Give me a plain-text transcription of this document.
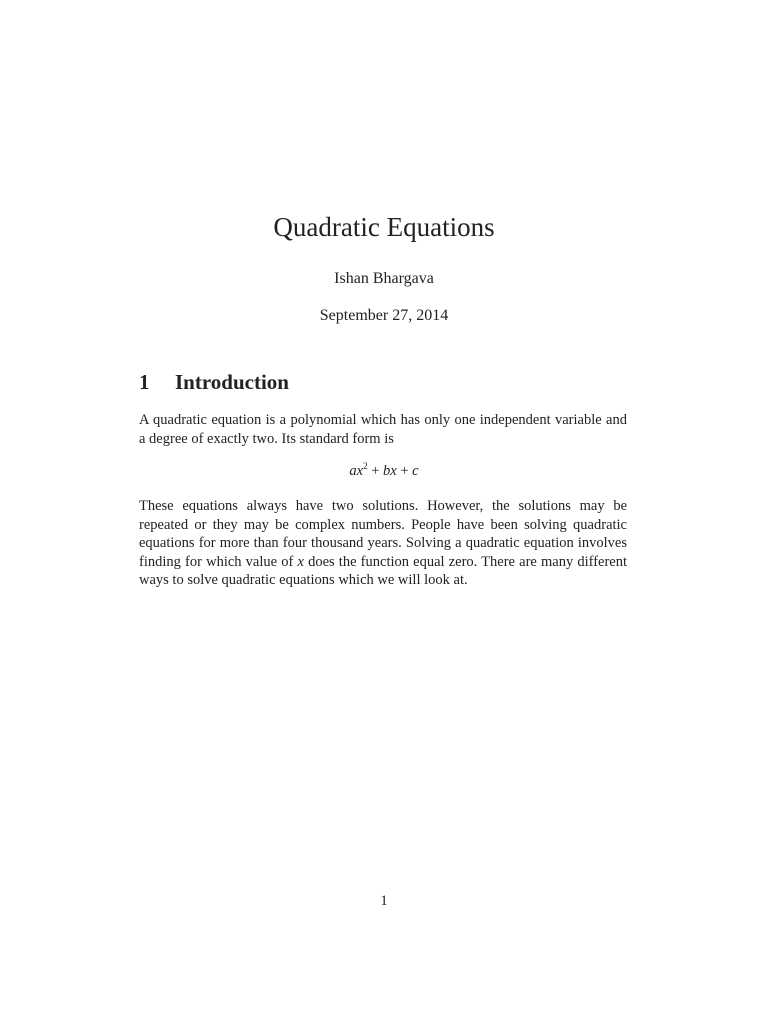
Quadratic Equations
Ishan Bhargava
September 27, 2014
1 Introduction

A quadratic equation is a polynomial which has only one independent variable and a degree of exactly two. Its standard form is

$ax^2$ + bx + c

These equations always have two solutions. However, the solutions may be repeated or they may be complex numbers. People have been solving quadratic equations for more than four thousand years. Solving a quadratic equation involves finding for which value of x does the function equal zero. There are many different ways to solve quadratic equations which we will look at.

1
